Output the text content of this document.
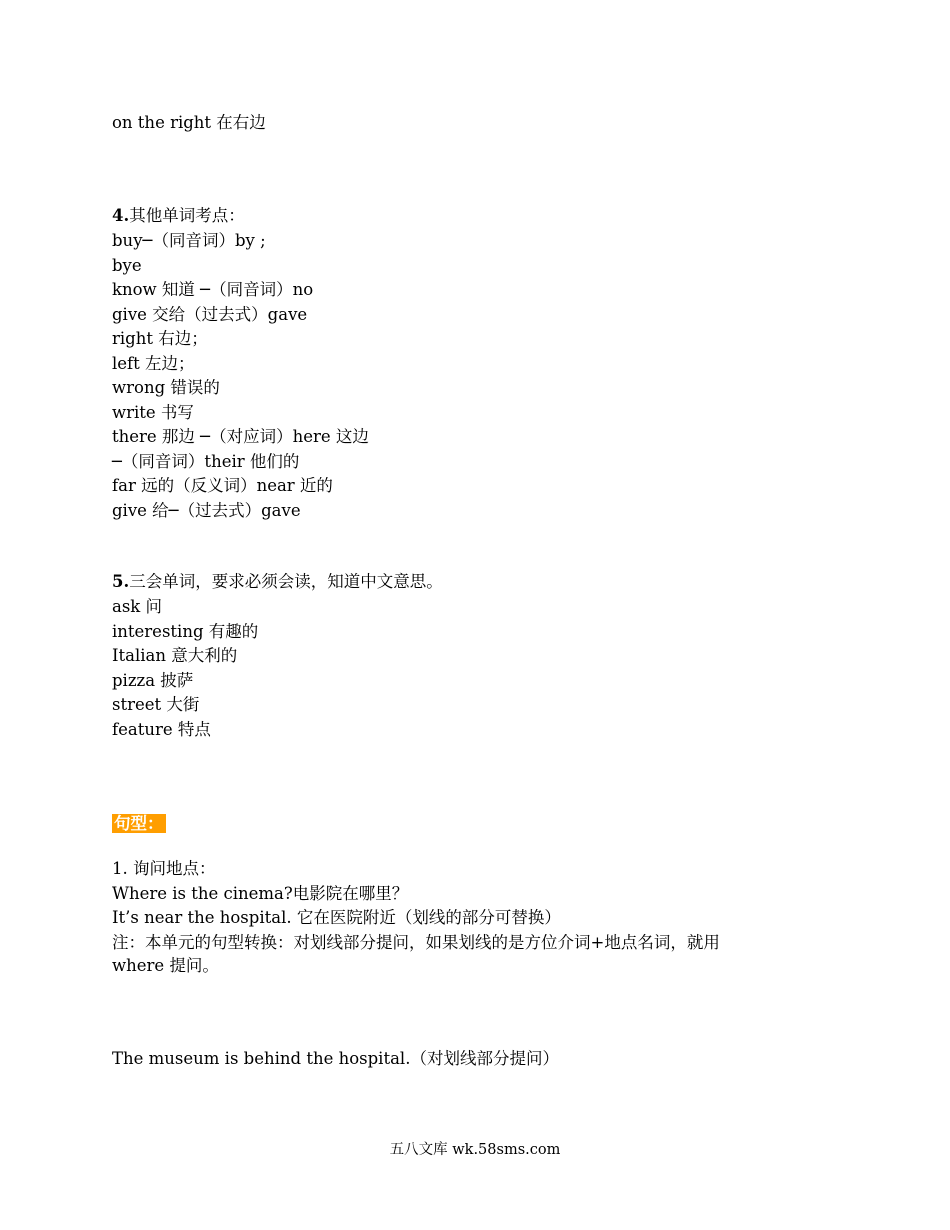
on the right 在右边
4.其他单词考点：
buy─（同音词）by ;
bye
know 知道 ─（同音词）no
give 交给（过去式）gave
right 右边；
left 左边；
wrong 错误的
write 书写
there 那边 ─（对应词）here 这边
─（同音词）their 他们的
far 远的（反义词）near 近的
give 给─（过去式）gave
5.三会单词，要求必须会读，知道中文意思。
ask 问
interesting 有趣的
Italian 意大利的
pizza 披萨
street 大街
feature 特点
句型：
1. 询问地点：
Where is the cinema?电影院在哪里？
It’s near the hospital. 它在医院附近（划线的部分可替换）
注：本单元的句型转换：对划线部分提问，如果划线的是方位介词+地点名词，就用
where 提问。
The museum is behind the hospital.（对划线部分提问）
五八文库 wk.58sms.com
